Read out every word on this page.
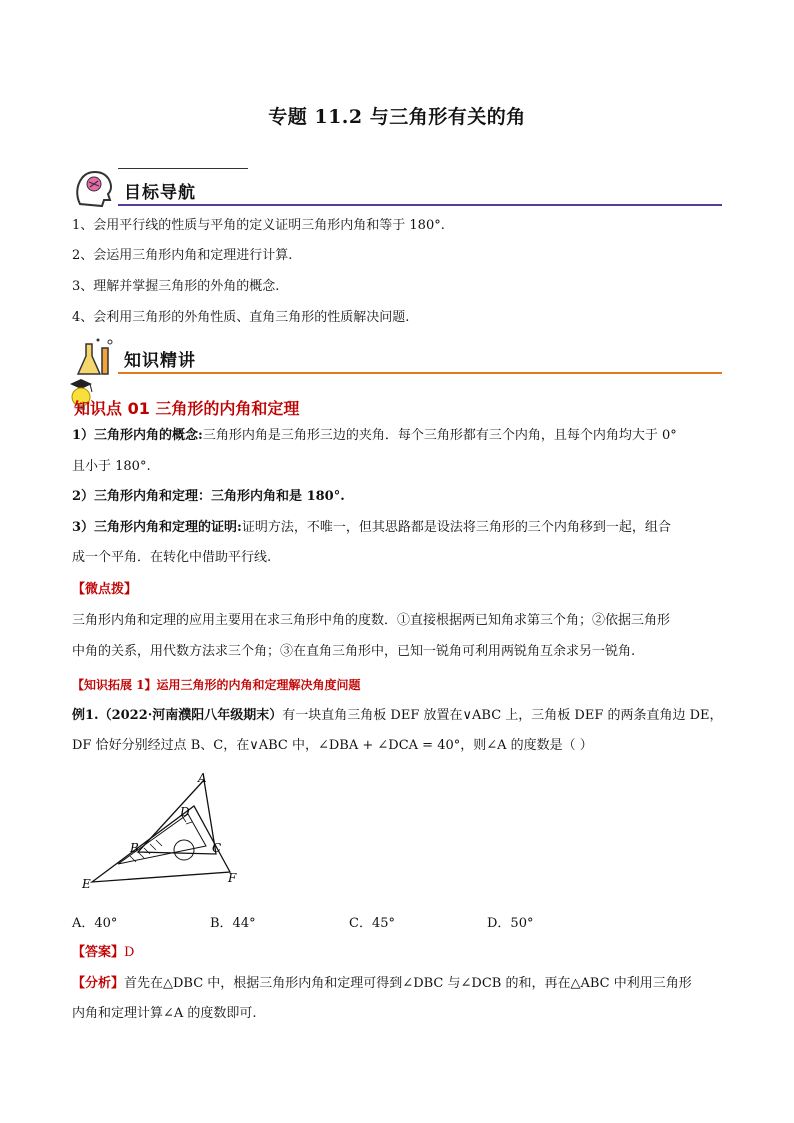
专题 11.2 与三角形有关的角
目标导航
1、会用平行线的性质与平角的定义证明三角形内角和等于 180°.
2、会运用三角形内角和定理进行计算.
3、理解并掌握三角形的外角的概念.
4、会利用三角形的外角性质、直角三角形的性质解决问题.
知识精讲
知识点 01 三角形的内角和定理
1）三角形内角的概念:三角形内角是三角形三边的夹角．每个三角形都有三个内角，且每个内角均大于 0°
且小于 180°.
2）三角形内角和定理：三角形内角和是 180°.
3）三角形内角和定理的证明:证明方法，不唯一，但其思路都是设法将三角形的三个内角移到一起，组合
成一个平角．在转化中借助平行线.
【微点拨】
三角形内角和定理的应用主要用在求三角形中角的度数．①直接根据两已知角求第三个角；②依据三角形
中角的关系，用代数方法求三个角；③在直角三角形中，已知一锐角可利用两锐角互余求另一锐角.
【知识拓展 1】运用三角形的内角和定理解决角度问题
例1.（2022·河南濮阳八年级期末）有一块直角三角板 DEF 放置在∨ABC 上，三角板 DEF 的两条直角边 DE，
DF 恰好分别经过点 B、C，在∨ABC 中，∠DBA + ∠DCA = 40°，则∠A 的度数是（ ）
A
D
B	C
E	F
A．40°	B．44°	C．45°	D．50°
【答案】D
【分析】首先在△DBC 中，根据三角形内角和定理可得到∠DBC 与∠DCB 的和，再在△ABC 中利用三角形
内角和定理计算∠A 的度数即可.
